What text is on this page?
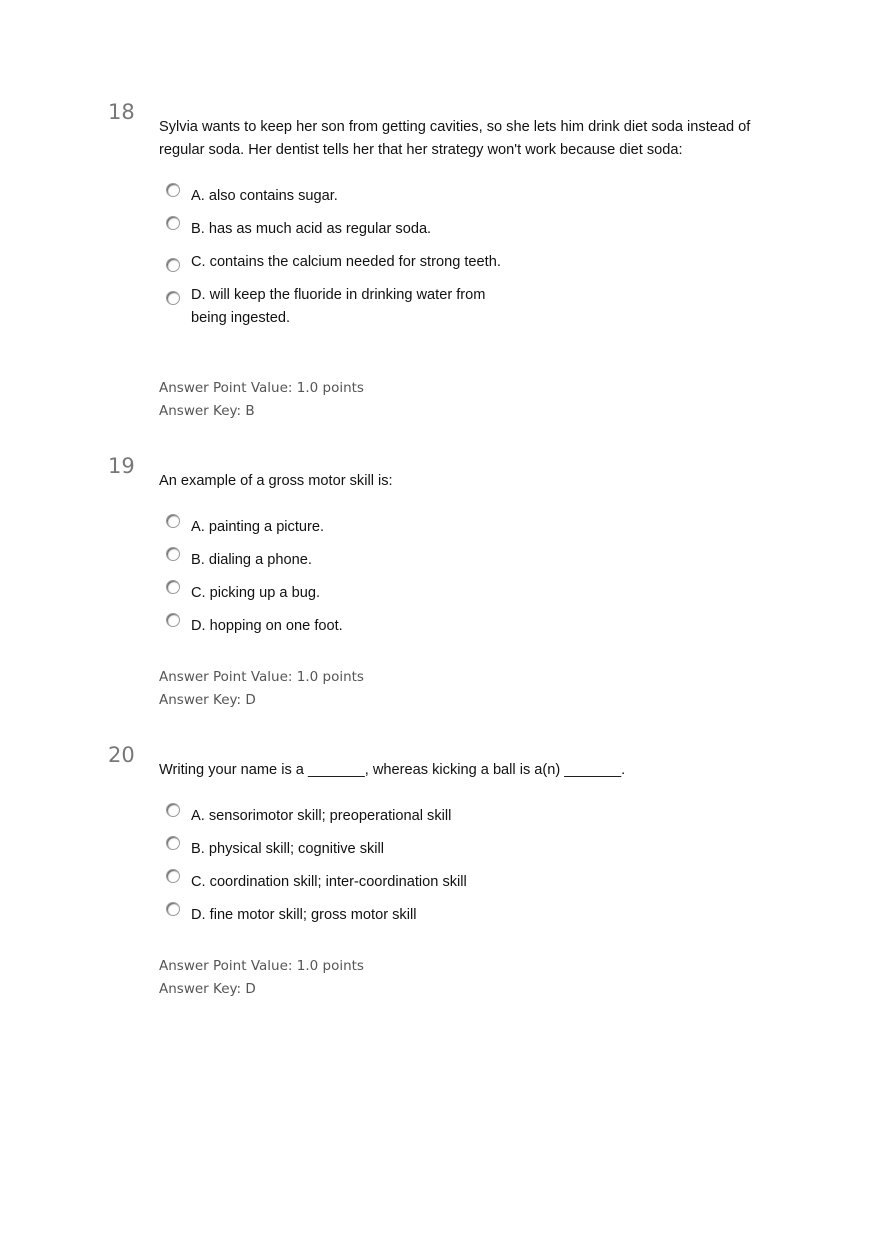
18
Sylvia wants to keep her son from getting cavities, so she lets him drink diet soda instead of regular soda. Her dentist tells her that her strategy won't work because diet soda:
A. also contains sugar.
B. has as much acid as regular soda.
C. contains the calcium needed for strong teeth.
D. will keep the fluoride in drinking water from being ingested.
Answer Point Value: 1.0 points
Answer Key: B
19
An example of a gross motor skill is:
A. painting a picture.
B. dialing a phone.
C. picking up a bug.
D. hopping on one foot.
Answer Point Value: 1.0 points
Answer Key: D
20
Writing your name is a _______, whereas kicking a ball is a(n) _______.
A. sensorimotor skill; preoperational skill
B. physical skill; cognitive skill
C. coordination skill; inter-coordination skill
D. fine motor skill; gross motor skill
Answer Point Value: 1.0 points
Answer Key: D
